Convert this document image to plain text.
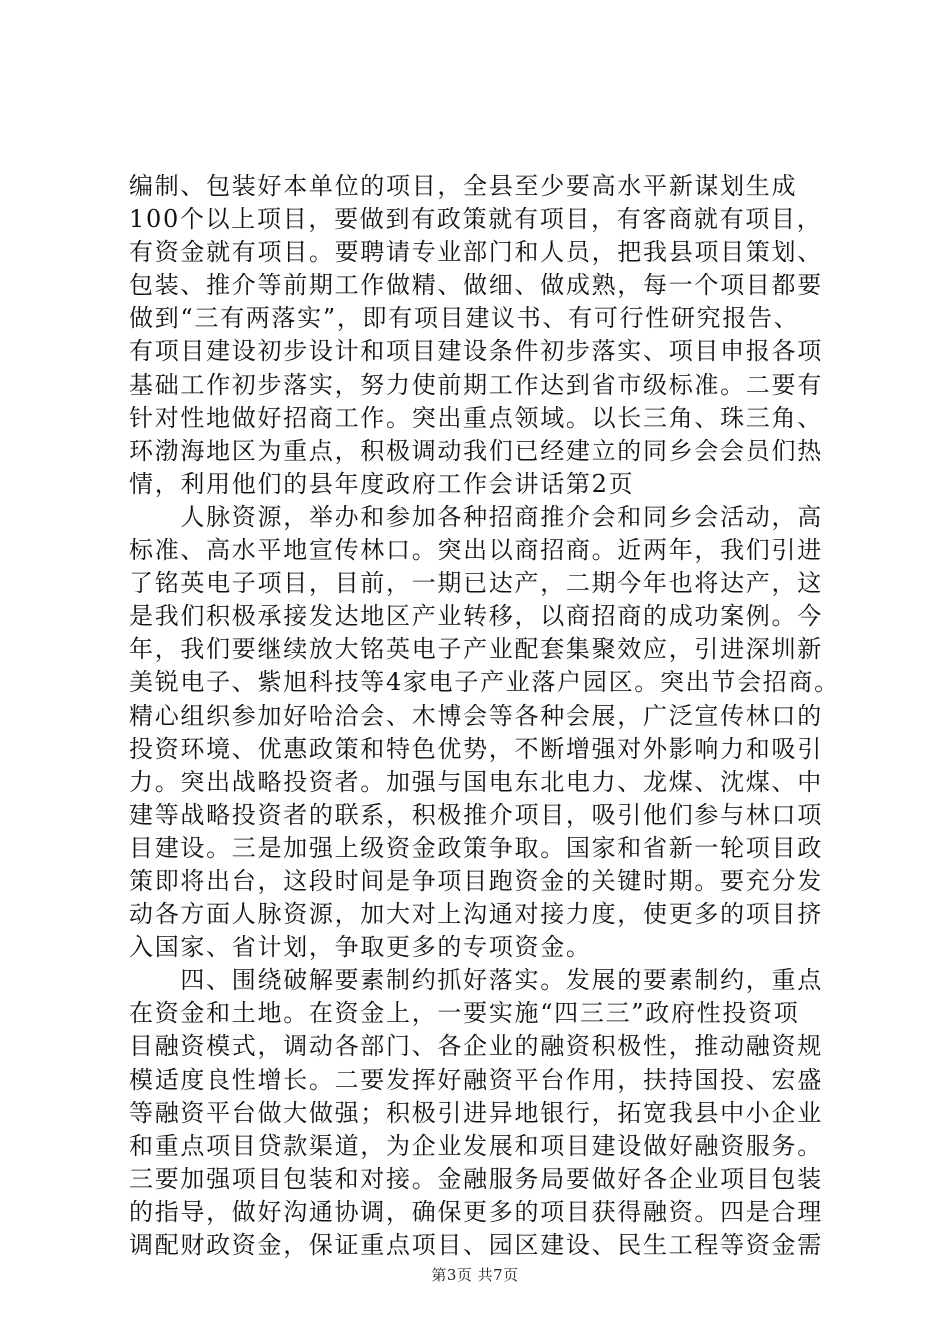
编制、包装好本单位的项目，全县至少要高水平新谋划生成
100个以上项目，要做到有政策就有项目，有客商就有项目，
有资金就有项目。要聘请专业部门和人员，把我县项目策划、
包装、推介等前期工作做精、做细、做成熟，每一个项目都要
做到“三有两落实”，即有项目建议书、有可行性研究报告、
有项目建设初步设计和项目建设条件初步落实、项目申报各项
基础工作初步落实，努力使前期工作达到省市级标准。二要有
针对性地做好招商工作。突出重点领域。以长三角、珠三角、
环渤海地区为重点，积极调动我们已经建立的同乡会会员们热
情，利用他们的县年度政府工作会讲话第2页
　　人脉资源，举办和参加各种招商推介会和同乡会活动，高
标准、高水平地宣传林口。突出以商招商。近两年，我们引进
了铭英电子项目，目前，一期已达产，二期今年也将达产，这
是我们积极承接发达地区产业转移，以商招商的成功案例。今
年，我们要继续放大铭英电子产业配套集聚效应，引进深圳新
美锐电子、紫旭科技等4家电子产业落户园区。突出节会招商。
精心组织参加好哈洽会、木博会等各种会展，广泛宣传林口的
投资环境、优惠政策和特色优势，不断增强对外影响力和吸引
力。突出战略投资者。加强与国电东北电力、龙煤、沈煤、中
建等战略投资者的联系，积极推介项目，吸引他们参与林口项
目建设。三是加强上级资金政策争取。国家和省新一轮项目政
策即将出台，这段时间是争项目跑资金的关键时期。要充分发
动各方面人脉资源，加大对上沟通对接力度，使更多的项目挤
入国家、省计划，争取更多的专项资金。
　　四、围绕破解要素制约抓好落实。发展的要素制约，重点
在资金和土地。在资金上，一要实施“四三三”政府性投资项
目融资模式，调动各部门、各企业的融资积极性，推动融资规
模适度良性增长。二要发挥好融资平台作用，扶持国投、宏盛
等融资平台做大做强；积极引进异地银行，拓宽我县中小企业
和重点项目贷款渠道，为企业发展和项目建设做好融资服务。
三要加强项目包装和对接。金融服务局要做好各企业项目包装
的指导，做好沟通协调，确保更多的项目获得融资。四是合理
调配财政资金，保证重点项目、园区建设、民生工程等资金需
第3页 共7页
